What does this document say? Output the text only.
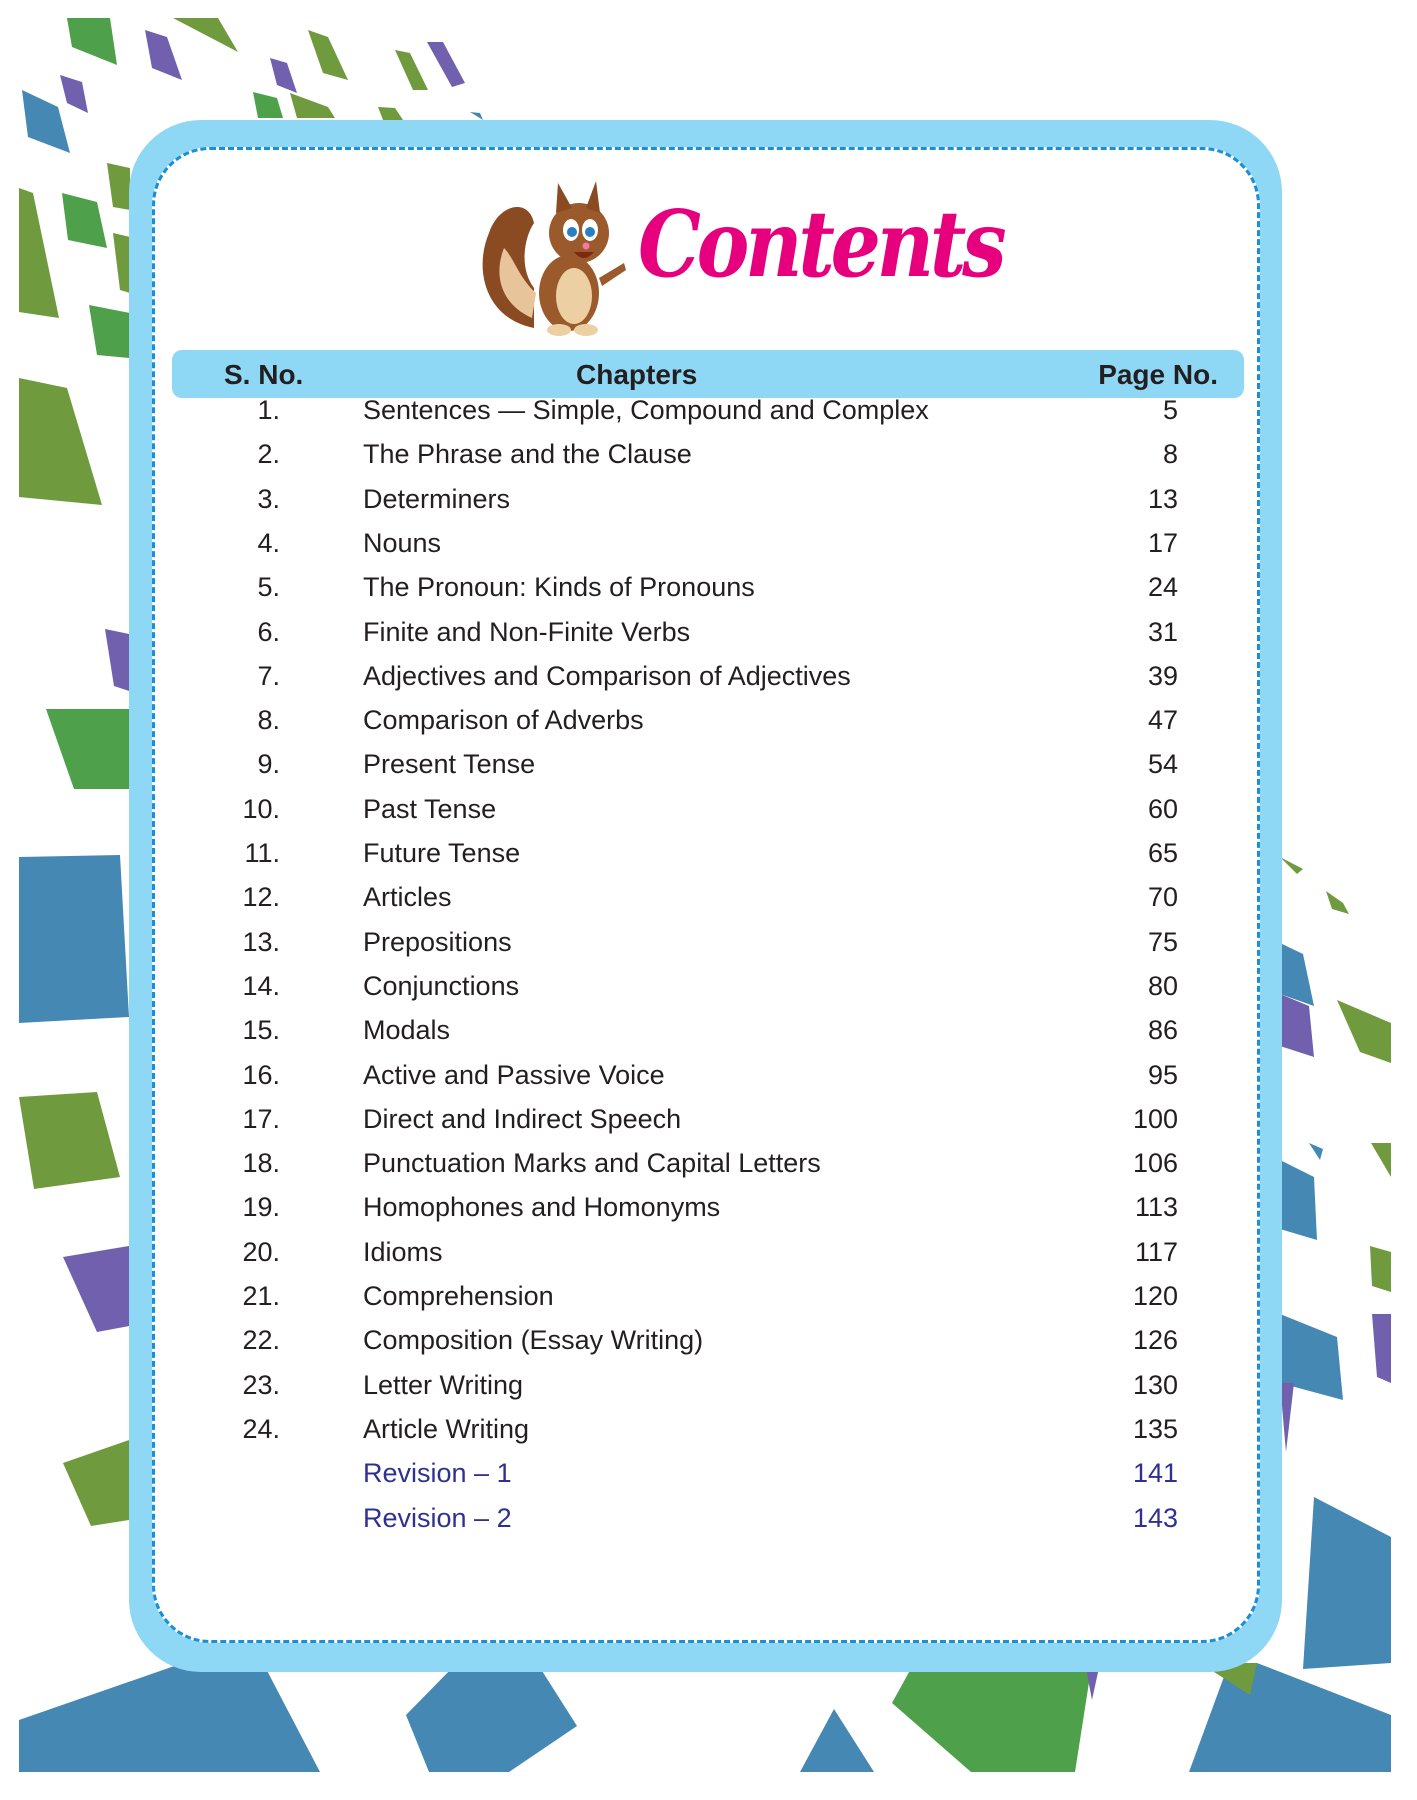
Contents
S. No.	Chapters	Page No.
1.	Sentences — Simple, Compound and Complex	5
2.	The Phrase and the Clause	8
3.	Determiners	13
4.	Nouns	17
5.	The Pronoun: Kinds of Pronouns	24
6.	Finite and Non-Finite Verbs	31
7.	Adjectives and Comparison of Adjectives	39
8.	Comparison of Adverbs	47
9.	Present Tense	54
10.	Past Tense	60
11.	Future Tense	65
12.	Articles	70
13.	Prepositions	75
14.	Conjunctions	80
15.	Modals	86
16.	Active and Passive Voice	95
17.	Direct and Indirect Speech	100
18.	Punctuation Marks and Capital Letters	106
19.	Homophones and Homonyms	113
20.	Idioms	117
21.	Comprehension	120
22.	Composition (Essay Writing)	126
23.	Letter Writing	130
24.	Article Writing	135
Revision – 1	141
Revision – 2	143
